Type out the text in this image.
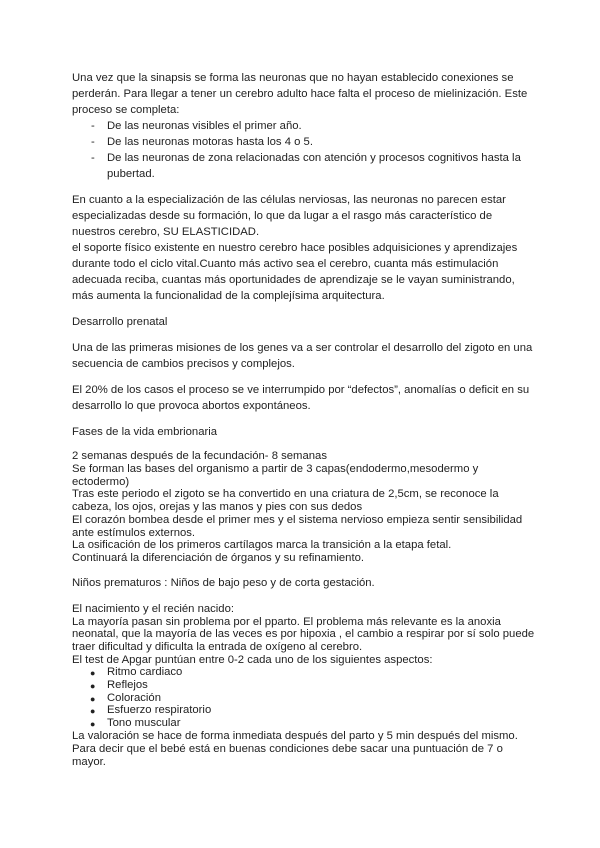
Una vez que la sinapsis se forma las neuronas que no hayan establecido conexiones se
perderán. Para llegar a tener un cerebro adulto hace falta el proceso de mielinización. Este
proceso se completa:
- De las neuronas visibles el primer año.
- De las neuronas motoras hasta los 4 o 5.
- De las neuronas de zona relacionadas con atención y procesos cognitivos hasta la
pubertad.
En cuanto a la especialización de las células nerviosas, las neuronas no parecen estar
especializadas desde su formación, lo que da lugar a el rasgo más característico de
nuestros cerebro, SU ELASTICIDAD.
el soporte físico existente en nuestro cerebro hace posibles adquisiciones y aprendizajes
durante todo el ciclo vital.Cuanto más activo sea el cerebro, cuanta más estimulación
adecuada reciba, cuantas más oportunidades de aprendizaje se le vayan suministrando,
más aumenta la funcionalidad de la complejísima arquitectura.
Desarrollo prenatal
Una de las primeras misiones de los genes va a ser controlar el desarrollo del zigoto en una
secuencia de cambios precisos y complejos.
El 20% de los casos el proceso se ve interrumpido por “defectos”, anomalías o deficit en su
desarrollo lo que provoca abortos expontáneos.
Fases de la vida embrionaria
2 semanas después de la fecundación- 8 semanas
Se forman las bases del organismo a partir de 3 capas(endodermo,mesodermo y
ectodermo)
Tras este periodo el zigoto se ha convertido en una criatura de 2,5cm, se reconoce la
cabeza, los ojos, orejas y las manos y pies con sus dedos
El corazón bombea desde el primer mes y el sistema nervioso empieza sentir sensibilidad
ante estímulos externos.
La osificación de los primeros cartílagos marca la transición a la etapa fetal.
Continuará la diferenciación de órganos y su refinamiento.
Niños prematuros : Niños de bajo peso y de corta gestación.
El nacimiento y el recién nacido:
La mayoría pasan sin problema por el pparto. El problema más relevante es la anoxia
neonatal, que la mayoría de las veces es por hipoxia , el cambio a respirar por sí solo puede
traer dificultad y dificulta la entrada de oxígeno al cerebro.
El test de Apgar puntúan entre 0-2 cada uno de los siguientes aspectos:
● Ritmo cardiaco
● Reflejos
● Coloración
● Esfuerzo respiratorio
● Tono muscular
La valoración se hace de forma inmediata después del parto y 5 min después del mismo.
Para decir que el bebé está en buenas condiciones debe sacar una puntuación de 7 o
mayor.
